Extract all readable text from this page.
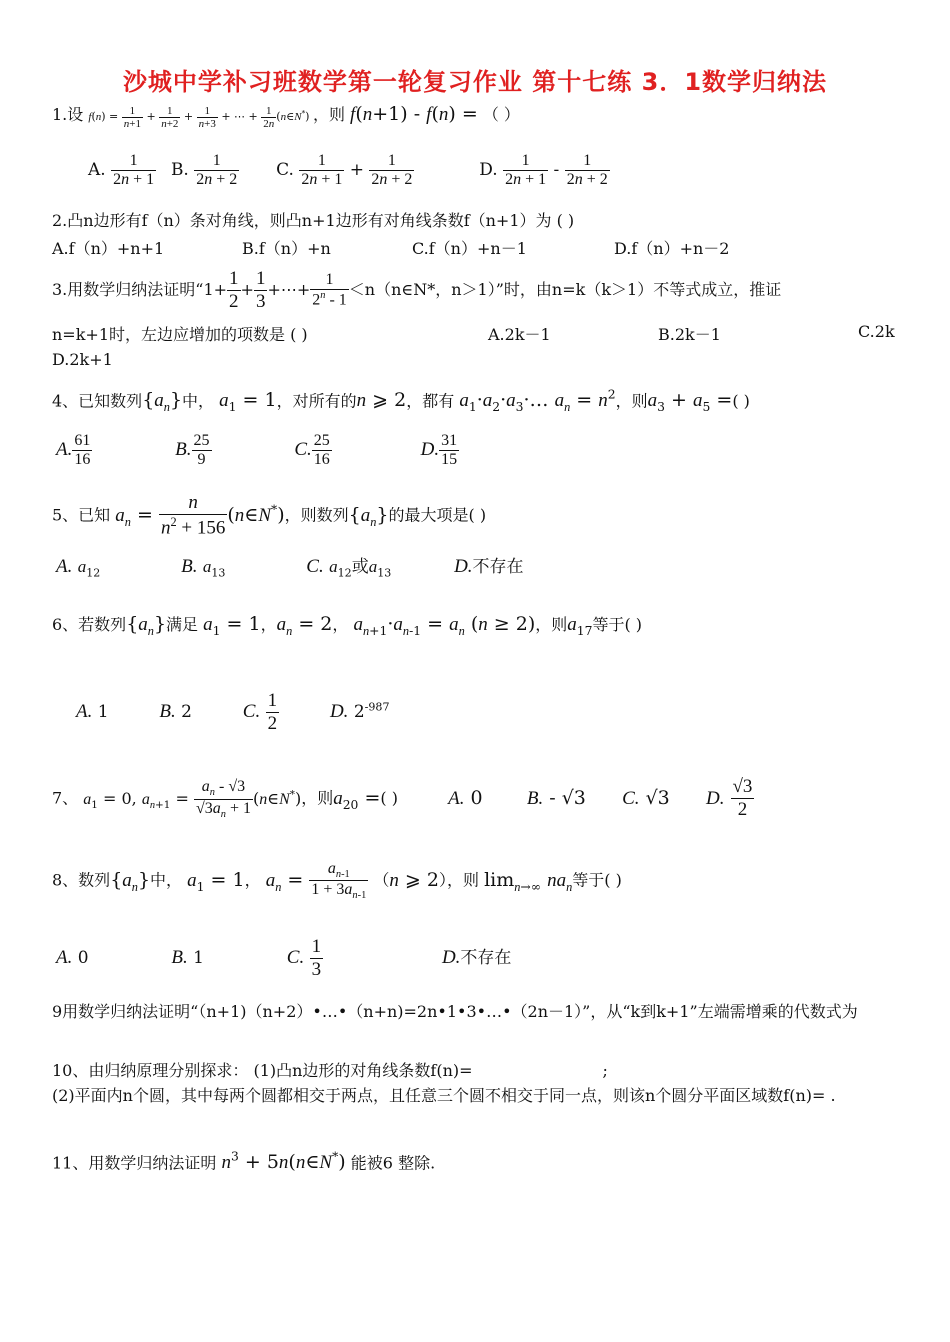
沙城中学补习班数学第一轮复习作业 第十七练 3．1数学归纳法
1.设 $f(n) = \frac{1}{n+1} + \frac{1}{n+2} + \frac{1}{n+3}$ + ⋯ + $\frac{1}{2n}$ (n∈N*) ，则 f(n+1) - f(n) = （ ）
A. $\frac{1}{2n + 1} B$. $\frac{1}{2n + 2} C$. $\frac{1}{2n + 1} + \frac{1}{2n + 2}$	D. $\frac{1}{2n + 1} - \frac{1}{2n + 2}$
2.凸n边形有f（n）条对角线，则凸n+1边形有对角线条数f（n+1）为 ( )
A.f（n）+n+1	B.f（n）+n	C.f（n）+n－1	D.f（n）+n－2
3.用数学归纳法证明“$1+ \frac{1}{2} + \frac{1}{3}$ +⋯+ $\frac{1}{2^n - 1}$ ＜n（n∈N*，n＞1）”时，由n=k（k＞1）不等式成立，推证
n=k+1时，左边应增加的项数是 ( )	A.2k－1	B.2k－1	C.2k
D.2k+1
4、已知数列$\{a_n\}$中， $a_1 = 1$，对所有的n ⩾ 2，都有 $a_1\cdot a_2\cdot a_3\cdot\dots$ $a_n = n^2$，则$a_3 + a_5$ =( )
A. $\frac{61}{16}$	B. $\frac{25}{9}$	C. $\frac{25}{16}$	D. $\frac{31}{15}$
5、已知 $a_n = \frac{n}{n^2 + 156}$ (n∈N*)，则数列$\{a_n\}$的最大项是( )
A. $a_{12}$	B. $a_{13}$	C. $a_{12}$或$a_{13}$	D.不存在
6、若数列$\{a_n\}$满足 $a_1 = 1$，$a_n = 2$， $a_{n+1}\cdot a_{n-1} = a_n$ (n ≥ 2)，则$a_{17}$等于( )
A. 1  B. 2  C. $\frac{1}{2}$	D. $2^{-987}$
7、 $a_1 = 0$, $a_{n+1} = \frac{a_n - √3}{√3a_n + 1}$ (n∈N*)，则$a_{20}$ =( )	A. 0 B. - √3 C. √3 D. $\frac{√3}{2}$
8、数列$\{a_n\}$中， $a_1 = 1$， $a_n = \frac{a_{n-1}}{1 + 3a_{n-1}} (n$ ⩾ 2），则 $\lim_{n\to\infty} na_n$等于( )
A. 0	B. 1	C. $\frac{1}{3}$	D.不存在
9用数学归纳法证明“（n+1)（n+2）•…•（n+n)=2n•1•3•…•（2n－1）”，从“k到k+1”左端需增乘的代数式为
10、由归纳原理分别探求： (1)凸n边形的对角线条数f(n)=	;
(2)平面内n个圆，其中每两个圆都相交于两点，且任意三个圆不相交于同一点，则该n个圆分平面区域数f(n)= .
11、用数学归纳法证明 $n^3$ + 5n(n∈N*) 能被6 整除.
